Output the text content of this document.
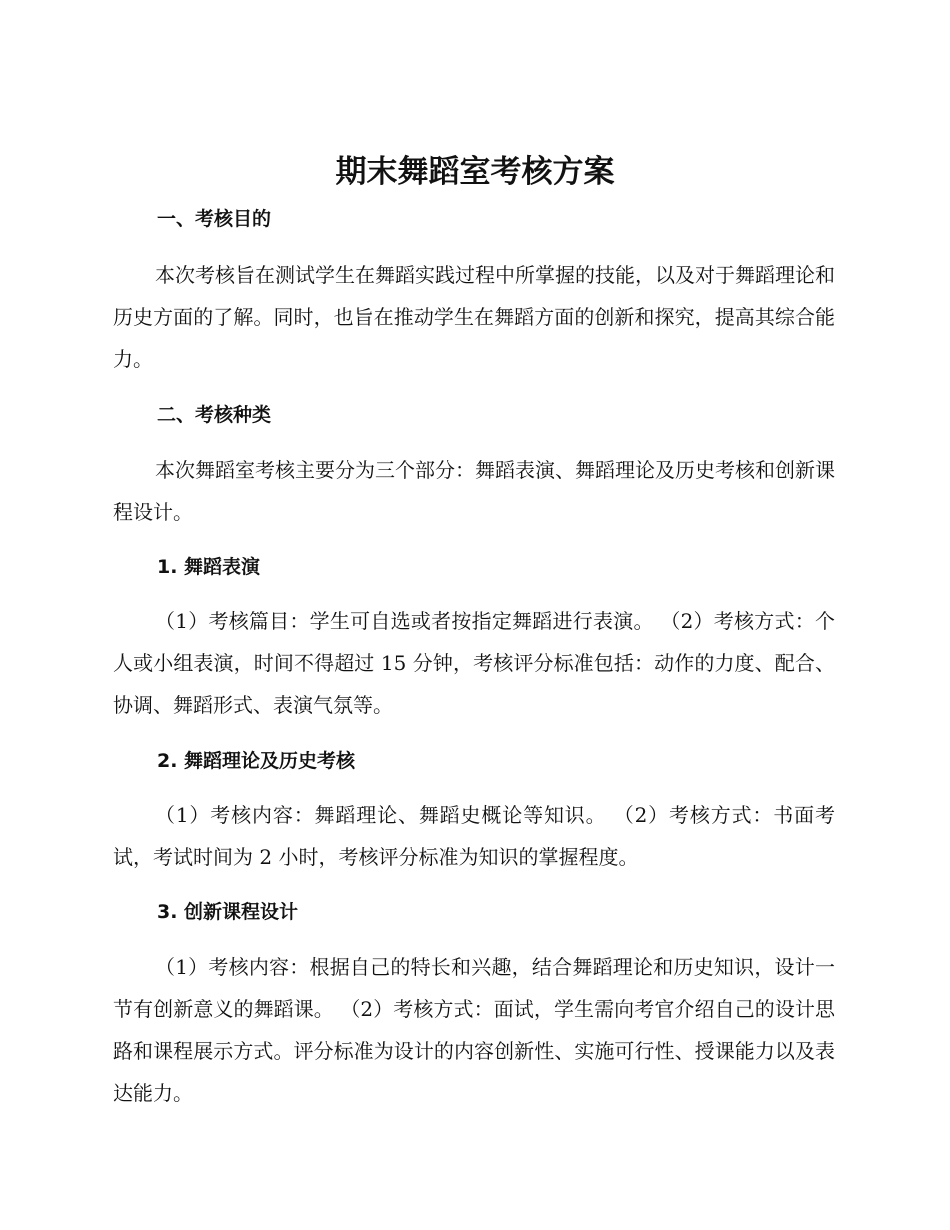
期末舞蹈室考核方案
一、考核目的
本次考核旨在测试学生在舞蹈实践过程中所掌握的技能，以及对于舞蹈理论和历史方面的了解。同时，也旨在推动学生在舞蹈方面的创新和探究，提高其综合能力。
二、考核种类
本次舞蹈室考核主要分为三个部分：舞蹈表演、舞蹈理论及历史考核和创新课程设计。
1. 舞蹈表演
（1）考核篇目：学生可自选或者按指定舞蹈进行表演。 （2）考核方式：个人或小组表演，时间不得超过 15 分钟，考核评分标准包括：动作的力度、配合、协调、舞蹈形式、表演气氛等。
2. 舞蹈理论及历史考核
（1）考核内容：舞蹈理论、舞蹈史概论等知识。 （2）考核方式：书面考试，考试时间为 2 小时，考核评分标准为知识的掌握程度。
3. 创新课程设计
（1）考核内容：根据自己的特长和兴趣，结合舞蹈理论和历史知识，设计一节有创新意义的舞蹈课。 （2）考核方式：面试，学生需向考官介绍自己的设计思路和课程展示方式。评分标准为设计的内容创新性、实施可行性、授课能力以及表达能力。
